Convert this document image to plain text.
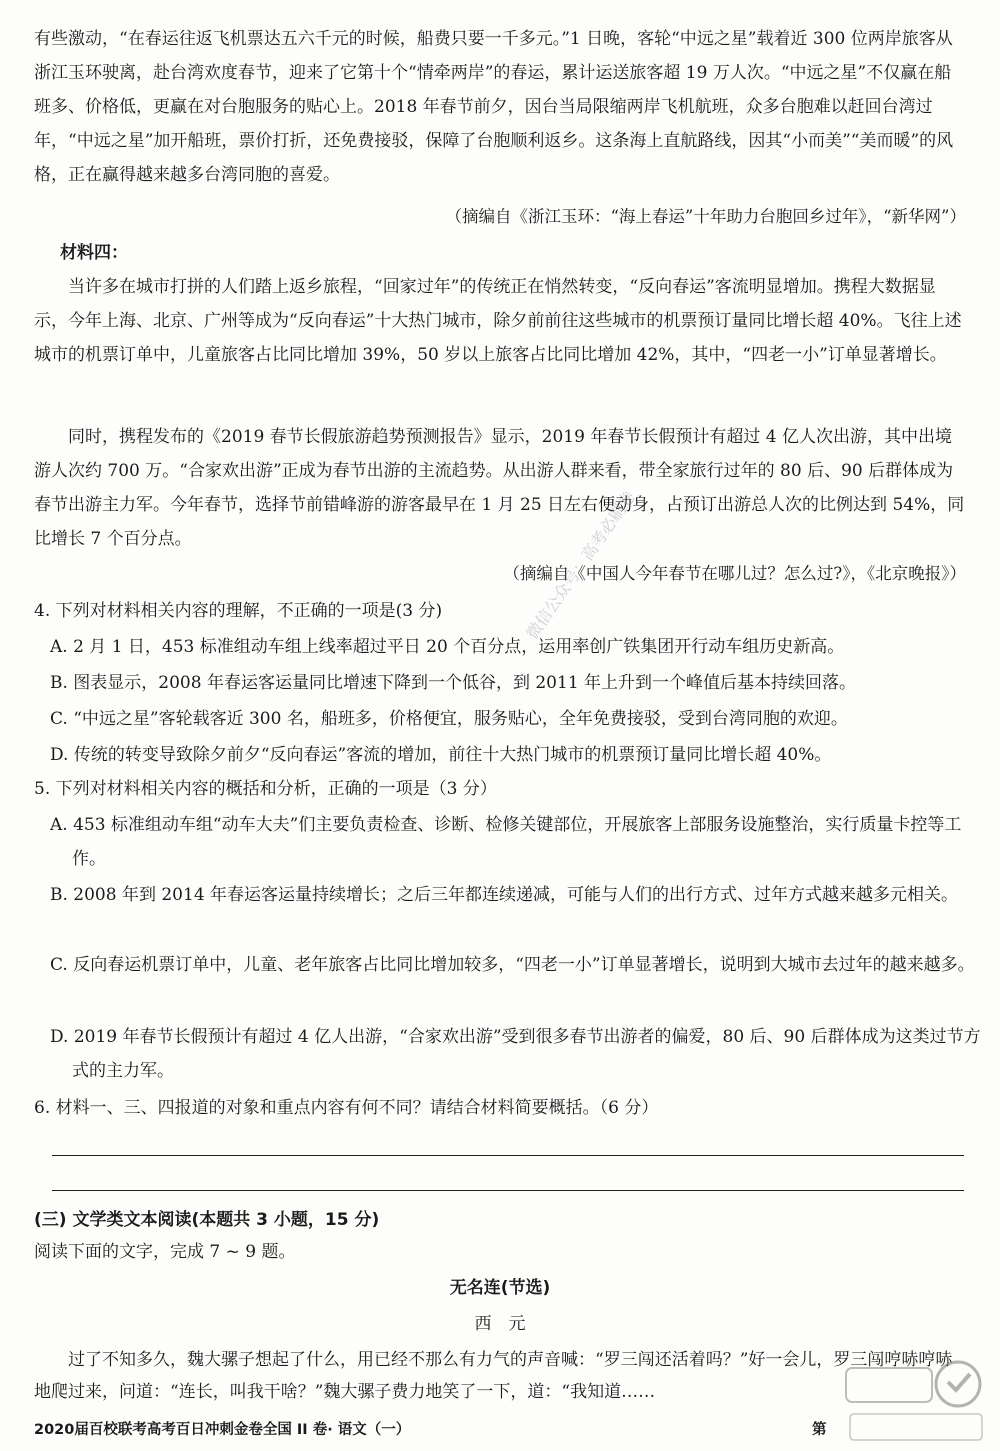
有些激动，“在春运往返飞机票达五六千元的时候，船费只要一千多元。”1 日晚，客轮“中远之星”载着近 300 位两岸旅客从浙江玉环驶离，赴台湾欢度春节，迎来了它第十个“情牵两岸”的春运，累计运送旅客超 19 万人次。“中远之星”不仅赢在船班多、价格低，更赢在对台胞服务的贴心上。2018 年春节前夕，因台当局限缩两岸飞机航班，众多台胞难以赶回台湾过年，“中远之星”加开船班，票价打折，还免费接驳，保障了台胞顺利返乡。这条海上直航路线，因其“小而美”“美而暖”的风格，正在赢得越来越多台湾同胞的喜爱。

（摘编自《浙江玉环：“海上春运”十年助力台胞回乡过年》，“新华网”）

材料四：

当许多在城市打拼的人们踏上返乡旅程，“回家过年”的传统正在悄然转变，“反向春运”客流明显增加。携程大数据显示，今年上海、北京、广州等成为“反向春运”十大热门城市，除夕前前往这些城市的机票预订量同比增长超 40%。飞往上述城市的机票订单中，儿童旅客占比同比增加 39%，50 岁以上旅客占比同比增加 42%，其中，“四老一小”订单显著增长。

同时，携程发布的《2019 春节长假旅游趋势预测报告》显示，2019 年春节长假预计有超过 4 亿人次出游，其中出境游人次约 700 万。“合家欢出游”正成为春节出游的主流趋势。从出游人群来看，带全家旅行过年的 80 后、90 后群体成为春节出游主力军。今年春节，选择节前错峰游的游客最早在 1 月 25 日左右便动身，占预订出游总人次的比例达到 54%，同比增长 7 个百分点。

（摘编自《中国人今年春节在哪儿过？怎么过?》，《北京晚报》）

4. 下列对材料相关内容的理解，不正确的一项是(3 分)

A. 2 月 1 日，453 标准组动车组上线率超过平日 20 个百分点，运用率创广铁集团开行动车组历史新高。

B. 图表显示，2008 年春运客运量同比增速下降到一个低谷，到 2011 年上升到一个峰值后基本持续回落。

C. “中远之星”客轮载客近 300 名，船班多，价格便宜，服务贴心，全年免费接驳，受到台湾同胞的欢迎。

D. 传统的转变导致除夕前夕“反向春运”客流的增加，前往十大热门城市的机票预订量同比增长超 40%。

5. 下列对材料相关内容的概括和分析，正确的一项是（3 分）

A. 453 标准组动车组“动车大夫”们主要负责检查、诊断、检修关键部位，开展旅客上部服务设施整治，实行质量卡控等工作。

B. 2008 年到 2014 年春运客运量持续增长；之后三年都连续递减，可能与人们的出行方式、过年方式越来越多元相关。

C. 反向春运机票订单中，儿童、老年旅客占比同比增加较多，“四老一小”订单显著增长，说明到大城市去过年的越来越多。

D. 2019 年春节长假预计有超过 4 亿人出游，“合家欢出游”受到很多春节出游者的偏爱，80 后、90 后群体成为这类过节方式的主力军。

6. 材料一、三、四报道的对象和重点内容有何不同？请结合材料简要概括。（6 分）

(三) 文学类文本阅读(本题共 3 小题，15 分)

阅读下面的文字，完成 7 ~ 9 题。

无名连(节选)

西　元

过了不知多久，魏大骡子想起了什么，用已经不那么有力气的声音喊：“罗三闯还活着吗？”好一会儿，罗三闯哼哧哼哧地爬过来，问道：“连长，叫我干啥？”魏大骡子费力地笑了一下，道：“我知道……

2020届百校联考高考百日冲刺金卷全国 II 卷· 语文（一）	第

微信公众号：高考必刷卷
